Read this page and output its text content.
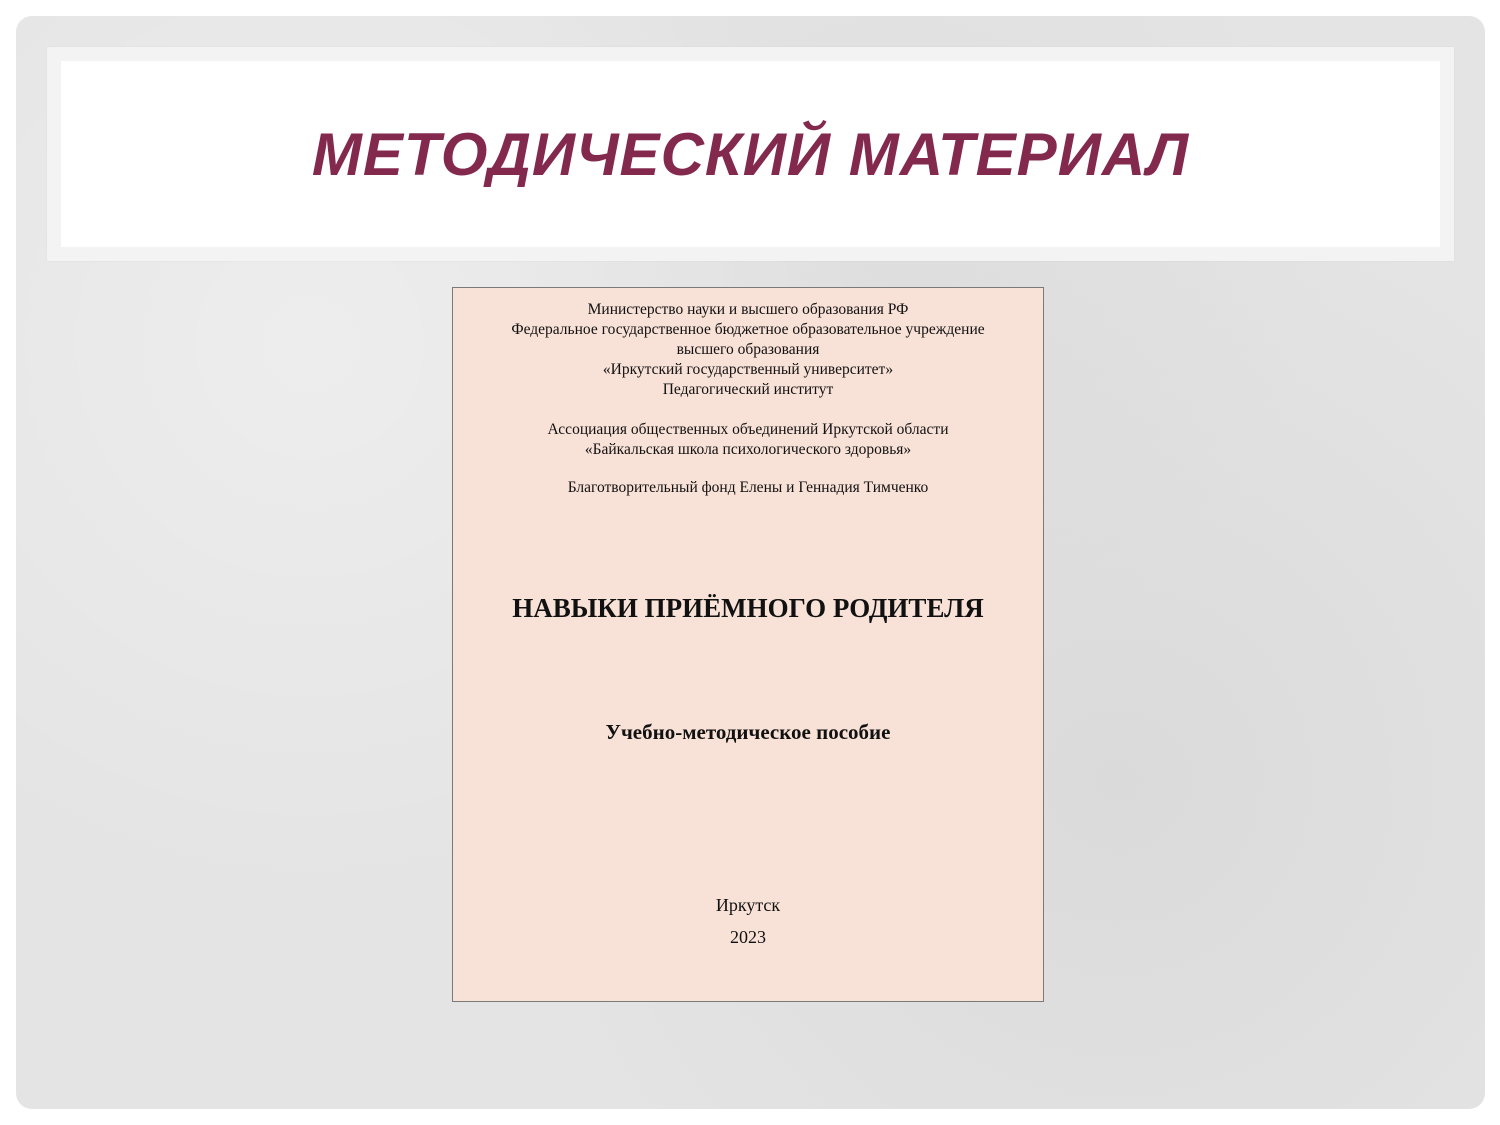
МЕТОДИЧЕСКИЙ МАТЕРИАЛ
Министерство науки и высшего образования РФ
Федеральное государственное бюджетное образовательное учреждение
высшего образования
«Иркутский государственный университет»
Педагогический институт
Ассоциация общественных объединений Иркутской области
«Байкальская школа психологического здоровья»
Благотворительный фонд Елены и Геннадия Тимченко
НАВЫКИ ПРИЁМНОГО РОДИТЕЛЯ
Учебно-методическое пособие
Иркутск
2023
